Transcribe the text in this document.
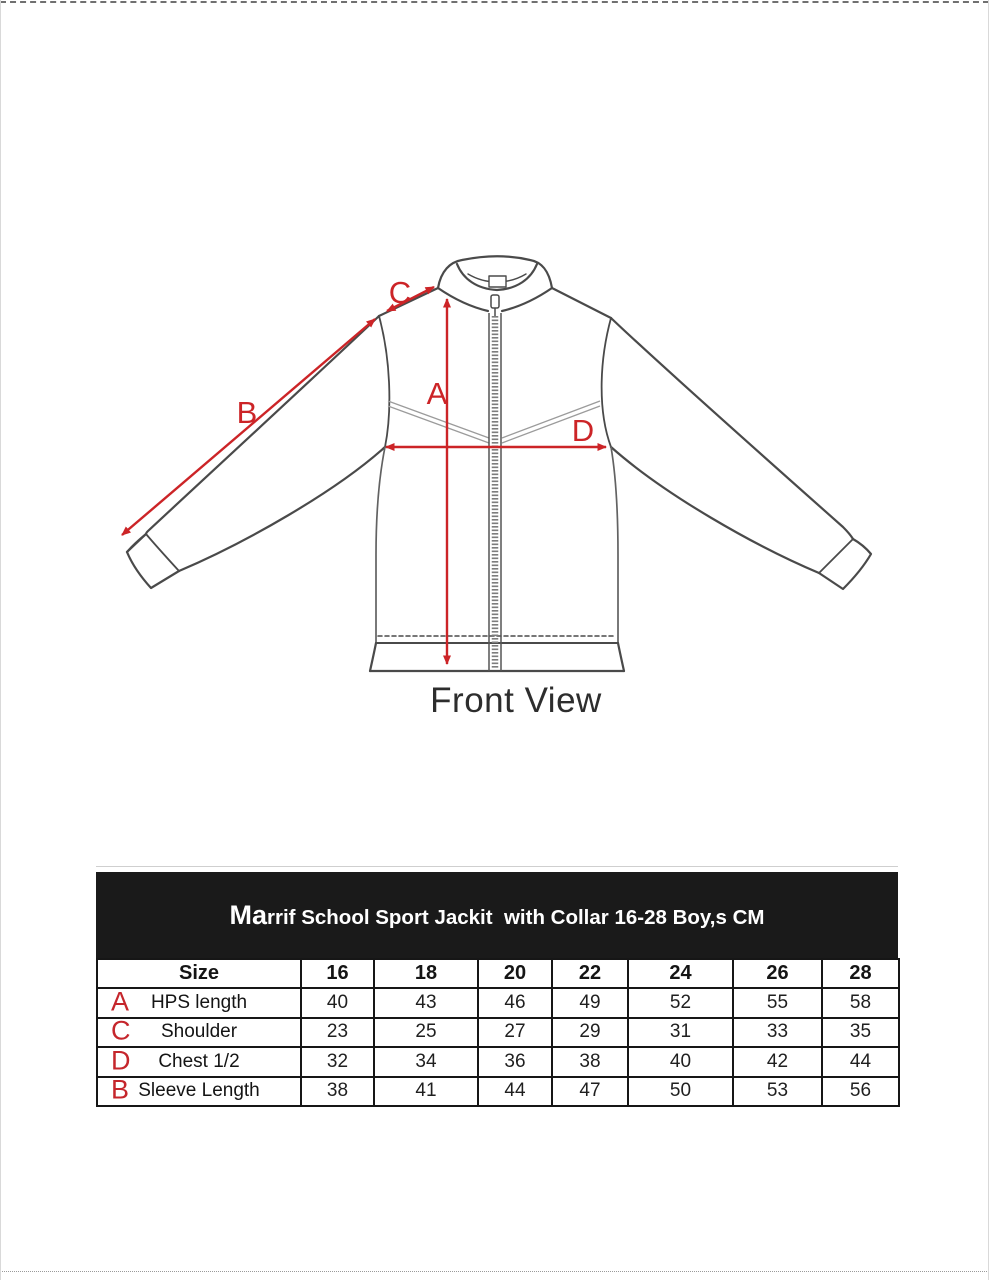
A
B
C
D
Front View
Marrif School Sport Jackit  with Collar 16-28 Boy,s CM
Size	16	18	20	22	24	26	28

A HPS length	40	43	46	49	52	55	58

C Shoulder	23	25	27	29	31	33	35

D Chest 1/2	32	34	36	38	40	42	44

B Sleeve Length	38	41	44	47	50	53	56
